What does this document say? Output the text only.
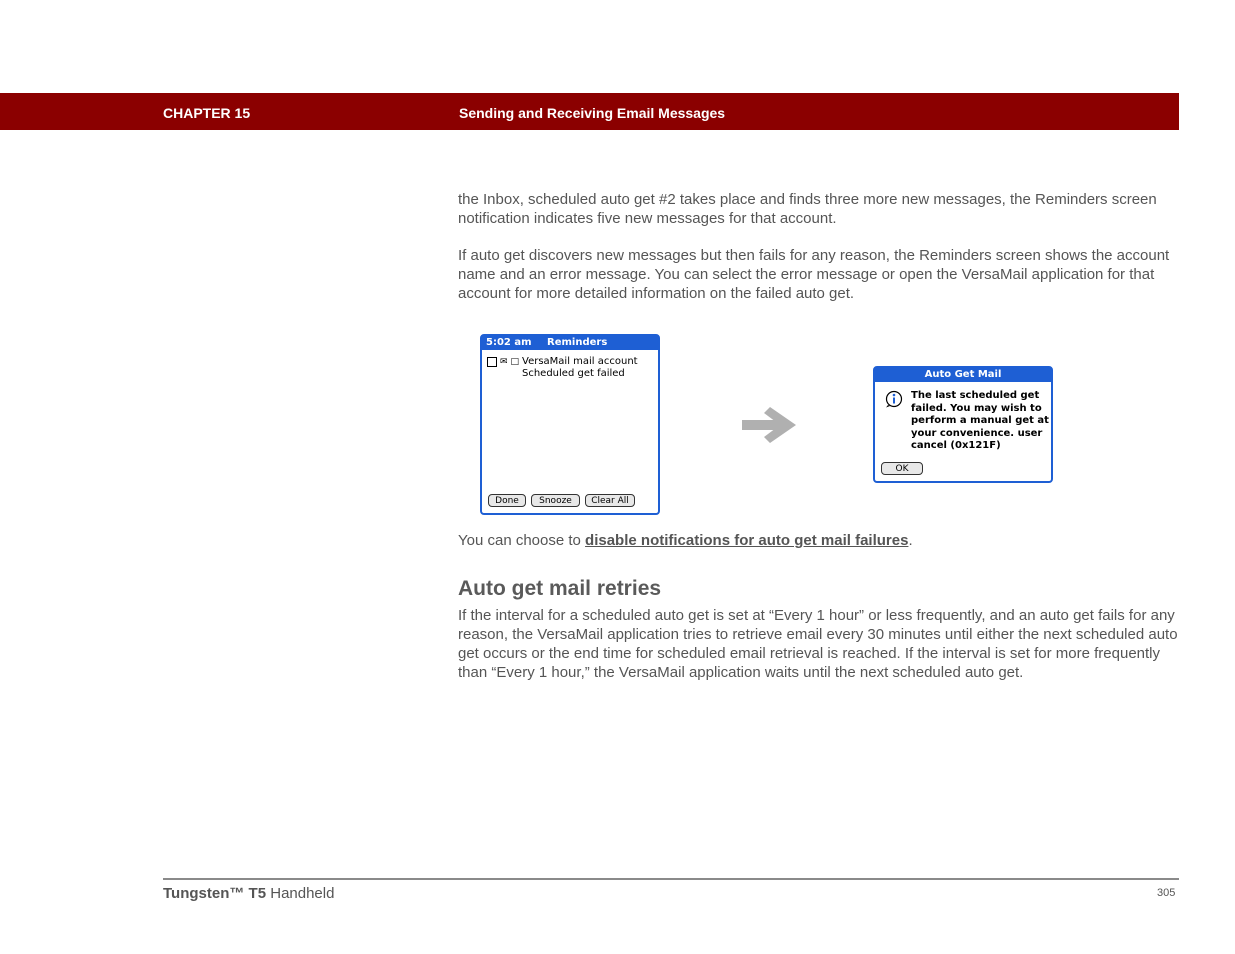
CHAPTER 15	Sending and Receiving Email Messages

the Inbox, scheduled auto get #2 takes place and finds three more new messages, the Reminders screen notification indicates five new messages for that account.

If auto get discovers new messages but then fails for any reason, the Reminders screen shows the account name and an error message. You can select the error message or open the VersaMail application for that account for more detailed information on the failed auto get.

5:02 am Reminders
✉ □ VersaMail mail account
Scheduled get failed
Done	Snooze	Clear All
Auto Get Mail
The last scheduled get failed. You may wish to perform a manual get at your convenience. user cancel (0x121F)
OK

You can choose to disable notifications for auto get mail failures.

Auto get mail retries

If the interval for a scheduled auto get is set at “Every 1 hour” or less frequently, and an auto get fails for any reason, the VersaMail application tries to retrieve email every 30 minutes until either the next scheduled auto get occurs or the end time for scheduled email retrieval is reached. If the interval is set for more frequently than “Every 1 hour,” the VersaMail application waits until the next scheduled auto get.

Tungsten™ T5 Handheld	305
